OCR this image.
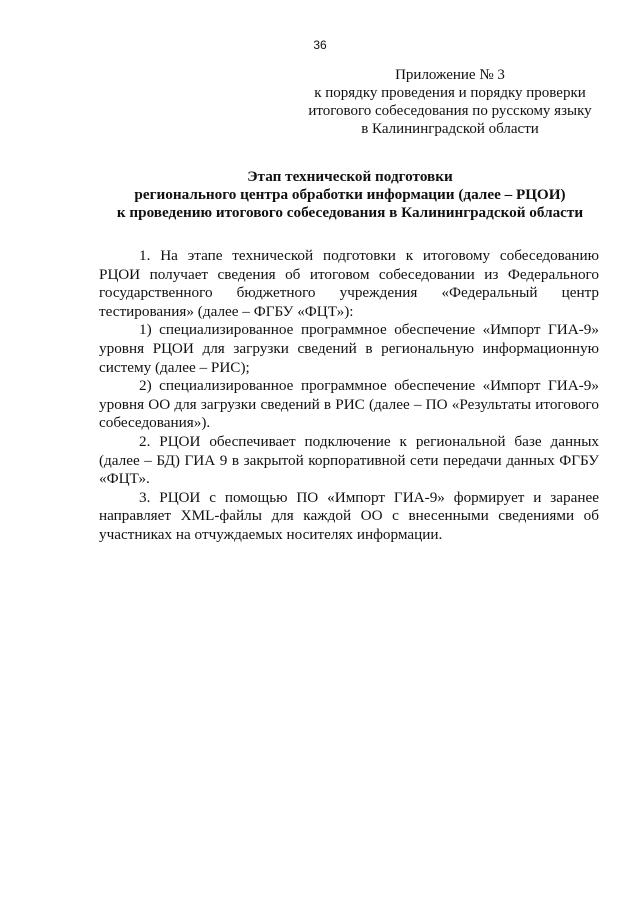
36
Приложение № 3
к порядку проведения и порядку проверки
итогового собеседования по русскому языку
в Калининградской области
Этап технической подготовки
регионального центра обработки информации (далее – РЦОИ)
к проведению итогового собеседования в Калининградской области

1. На этапе технической подготовки к итоговому собеседованию РЦОИ получает сведения об итоговом собеседовании из Федерального государственного бюджетного учреждения «Федеральный центр тестирования» (далее – ФГБУ «ФЦТ»):

1) специализированное программное обеспечение «Импорт ГИА-9» уровня РЦОИ для загрузки сведений в региональную информационную систему (далее – РИС);

2) специализированное программное обеспечение «Импорт ГИА-9» уровня ОО для загрузки сведений в РИС (далее – ПО «Результаты итогового собеседования»).

2. РЦОИ обеспечивает подключение к региональной базе данных (далее – БД) ГИА 9 в закрытой корпоративной сети передачи данных ФГБУ «ФЦТ».

3. РЦОИ с помощью ПО «Импорт ГИА-9» формирует и заранее направляет XML-файлы для каждой ОО с внесенными сведениями об участниках на отчуждаемых носителях информации.
